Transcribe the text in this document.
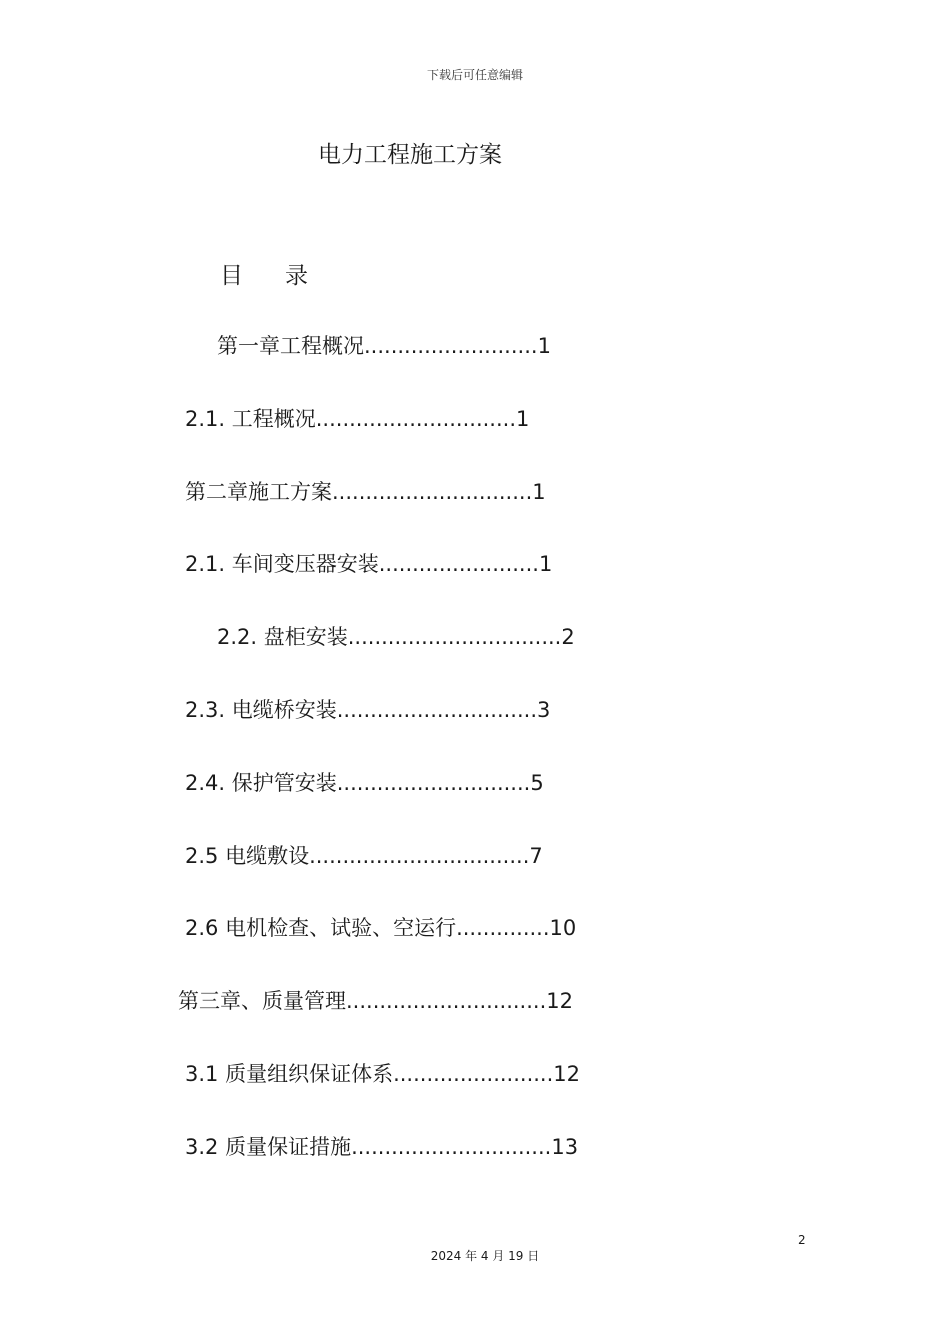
下载后可任意编辑
电力工程施工方案
目录
第一章工程概况 .......................... 1
2.1. 工程概况 .............................. 1
第二章施工方案 .............................. 1
2.1. 车间变压器安装 ........................ 1
2.2. 盘柜安装 ................................ 2
2.3. 电缆桥安装 .............................. 3
2.4. 保护管安装 ............................. 5
2.5 电缆敷设 ................................. 7
2.6 电机检查、试验、空运行 .............. 10
第三章、质量管理 .............................. 12
3.1 质量组织保证体系 ........................ 12
3.2 质量保证措施 .............................. 13
2
2024 年 4 月 19 日
